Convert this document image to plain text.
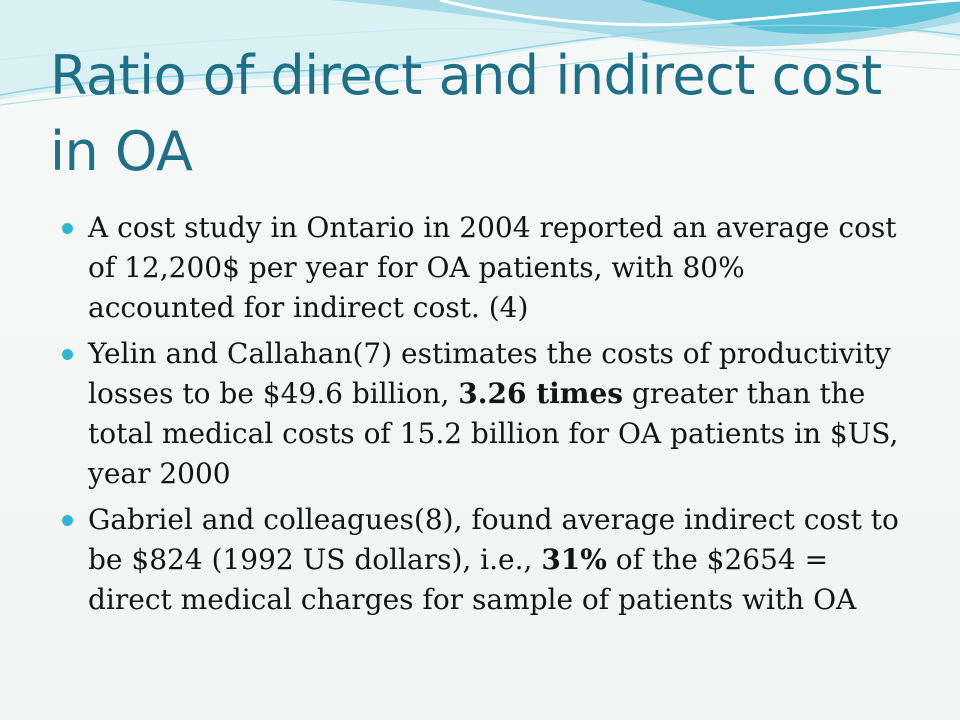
Ratio of direct and indirect cost in OA
A cost study in Ontario in 2004 reported an average cost of 12,200$ per year for OA patients, with 80% accounted for indirect cost. (4)
Yelin and Callahan(7) estimates the costs of productivity losses to be $49.6 billion, 3.26 times greater than the total medical costs of 15.2 billion for OA patients in $US, year 2000
Gabriel and colleagues(8), found average indirect cost to be $824 (1992 US dollars), i.e., 31% of the $2654 = direct medical charges for sample of patients with OA
